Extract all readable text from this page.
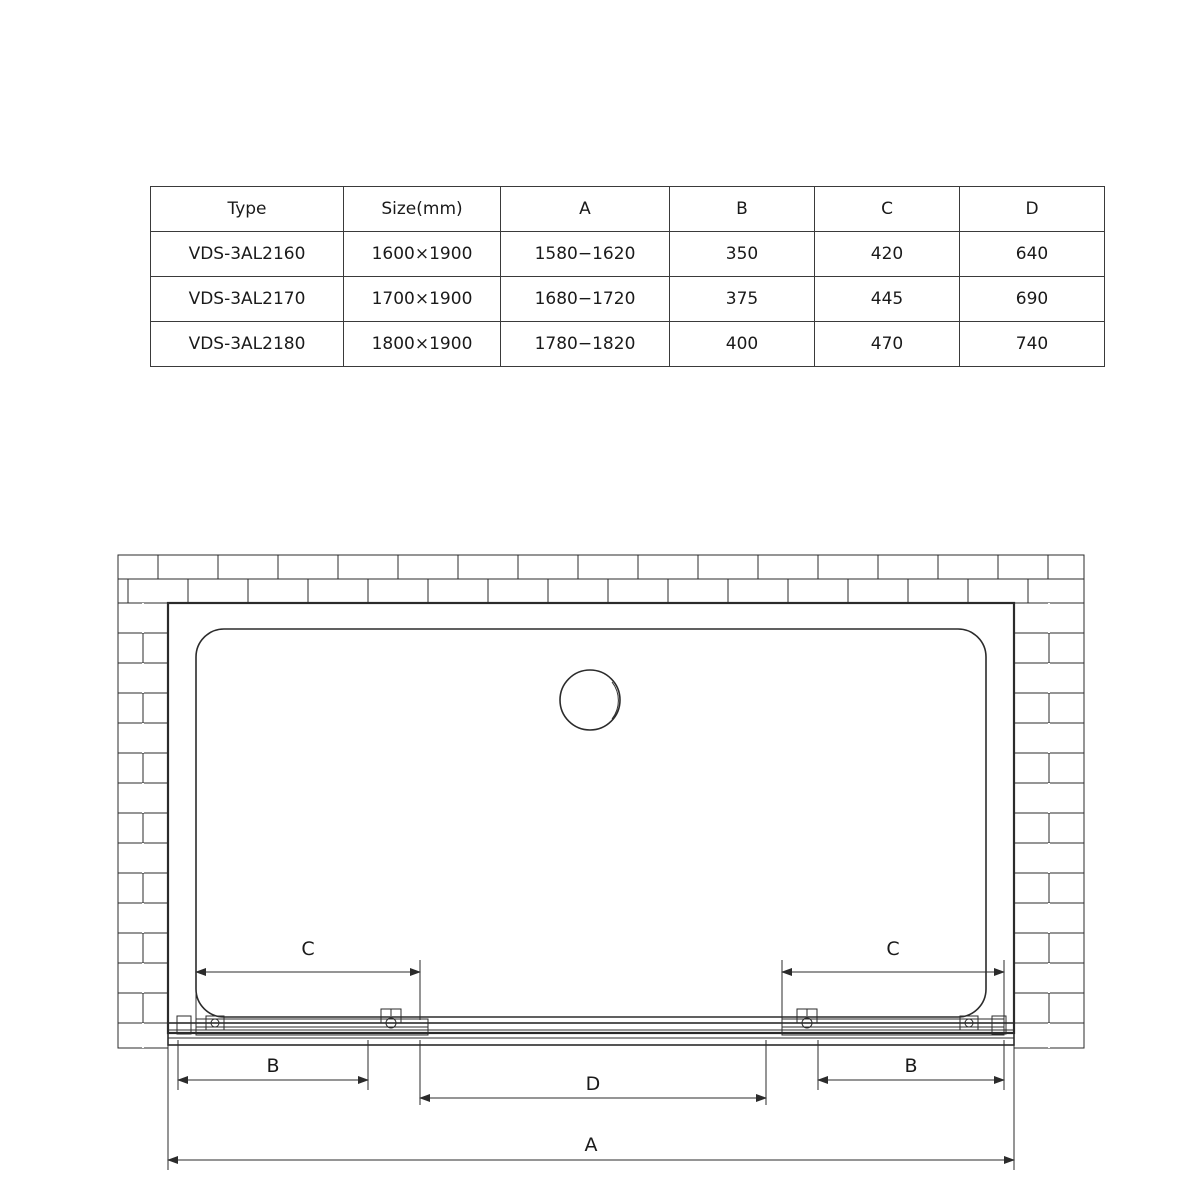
Type	Size(mm)	A	B	C	D
VDS-3AL2160	1600×1900	1580−1620	350	420	640
VDS-3AL2170	1700×1900	1680−1720	375	445	690
VDS-3AL2180	1800×1900	1780−1820	400	470	740
C	C
B	B
D
A
